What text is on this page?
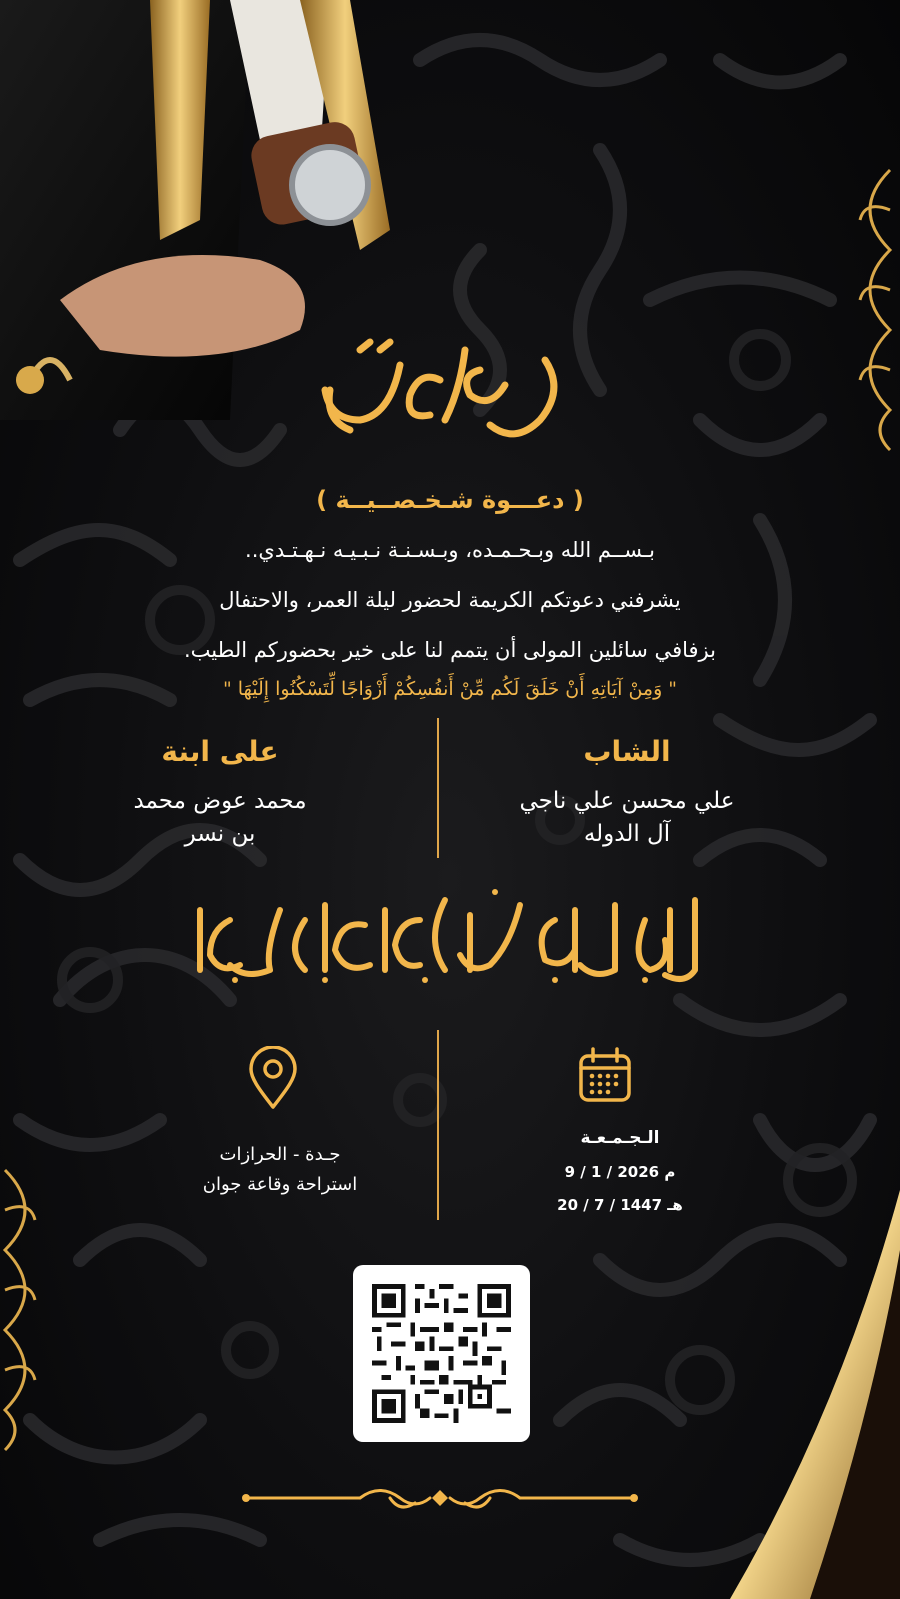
( دعـــوة شـخـصــيــة )
بـســم الله وبـحـمـده، وبـسـنـة نـبـيـه نـهـتـدي..
يشرفني دعوتكم الكريمة لحضور ليلة العمر، والاحتفال
بزفافي سائلين المولى أن يتمم لنا على خير بحضوركم الطيب.
" وَمِنْ آيَاتِهِ أَنْ خَلَقَ لَكُم مِّنْ أَنفُسِكُمْ أَزْوَاجًا لِّتَسْكُنُوا إِلَيْهَا "
الشاب
علي محسن علي ناجي
آل الدوله
على ابنة
محمد عوض محمد
بن نسر
الـجـمـعـة
9 / 1 / 2026 م
20 / 7 / 1447 هـ
جـدة - الحرازات
استراحة وقاعة جوان
